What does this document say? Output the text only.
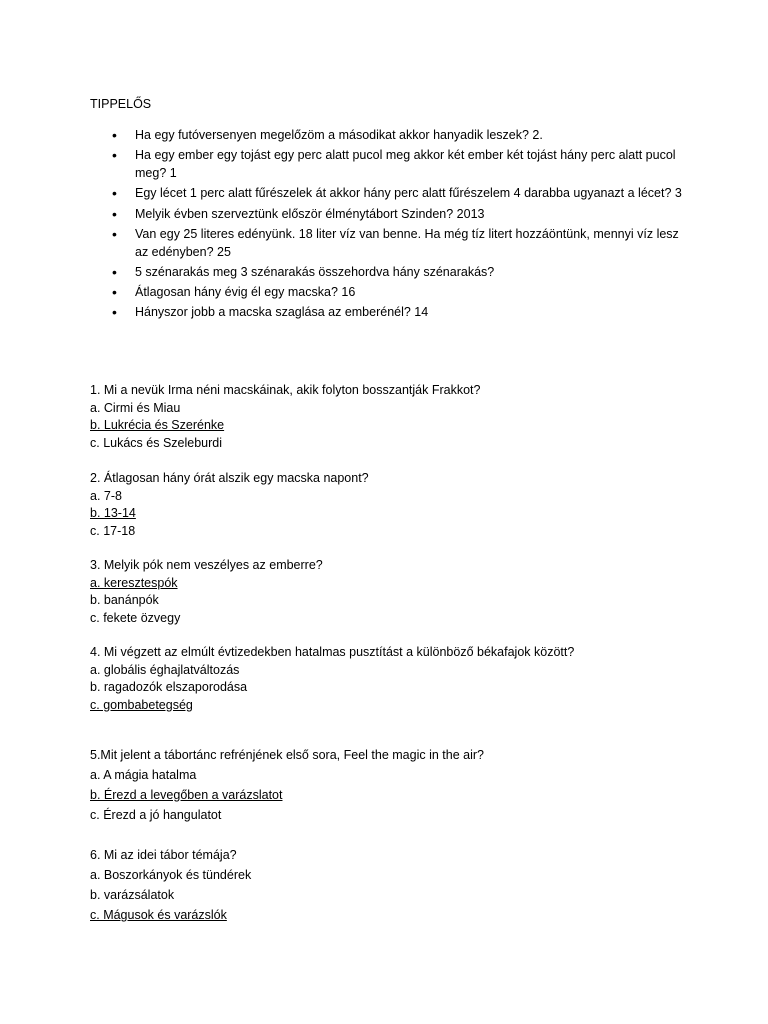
TIPPELŐS
• Ha egy futóversenyen megelőzöm a másodikat akkor hanyadik leszek? 2.
• Ha egy ember egy tojást egy perc alatt pucol meg akkor két ember két tojást hány perc alatt pucol meg? 1
• Egy lécet 1 perc alatt fűrészelek át akkor hány perc alatt fűrészelem 4 darabba ugyanazt a lécet? 3
• Melyik évben szerveztünk először élménytábort Szinden? 2013
• Van egy 25 literes edényünk. 18 liter víz van benne. Ha még tíz litert hozzáöntünk, mennyi víz lesz az edényben? 25
• 5 szénarakás meg 3 szénarakás összehordva hány szénarakás?
• Átlagosan hány évig él egy macska? 16
• Hányszor jobb a macska szaglása az emberénél? 14
1. Mi a nevük Irma néni macskáinak, akik folyton bosszantják Frakkot?
a. Cirmi és Miau
b. Lukrécia és Szerénke
c. Lukács és Szeleburdi
2. Átlagosan hány órát alszik egy macska napont?
a. 7-8
b. 13-14
c. 17-18
3. Melyik pók nem veszélyes az emberre?
a. keresztespók
b. banánpók
c. fekete özvegy
4. Mi végzett az elmúlt évtizedekben hatalmas pusztítást a különböző békafajok között?
a. globális éghajlatváltozás
b. ragadozók elszaporodása
c. gombabetegség
5.Mit jelent a tábortánc refrénjének első sora, Feel the magic in the air?
a. A mágia hatalma
b. Érezd a levegőben a varázslatot
c. Érezd a jó hangulatot
6. Mi az idei tábor témája?
a. Boszorkányok és tündérek
b. varázsálatok
c. Mágusok és varázslók
